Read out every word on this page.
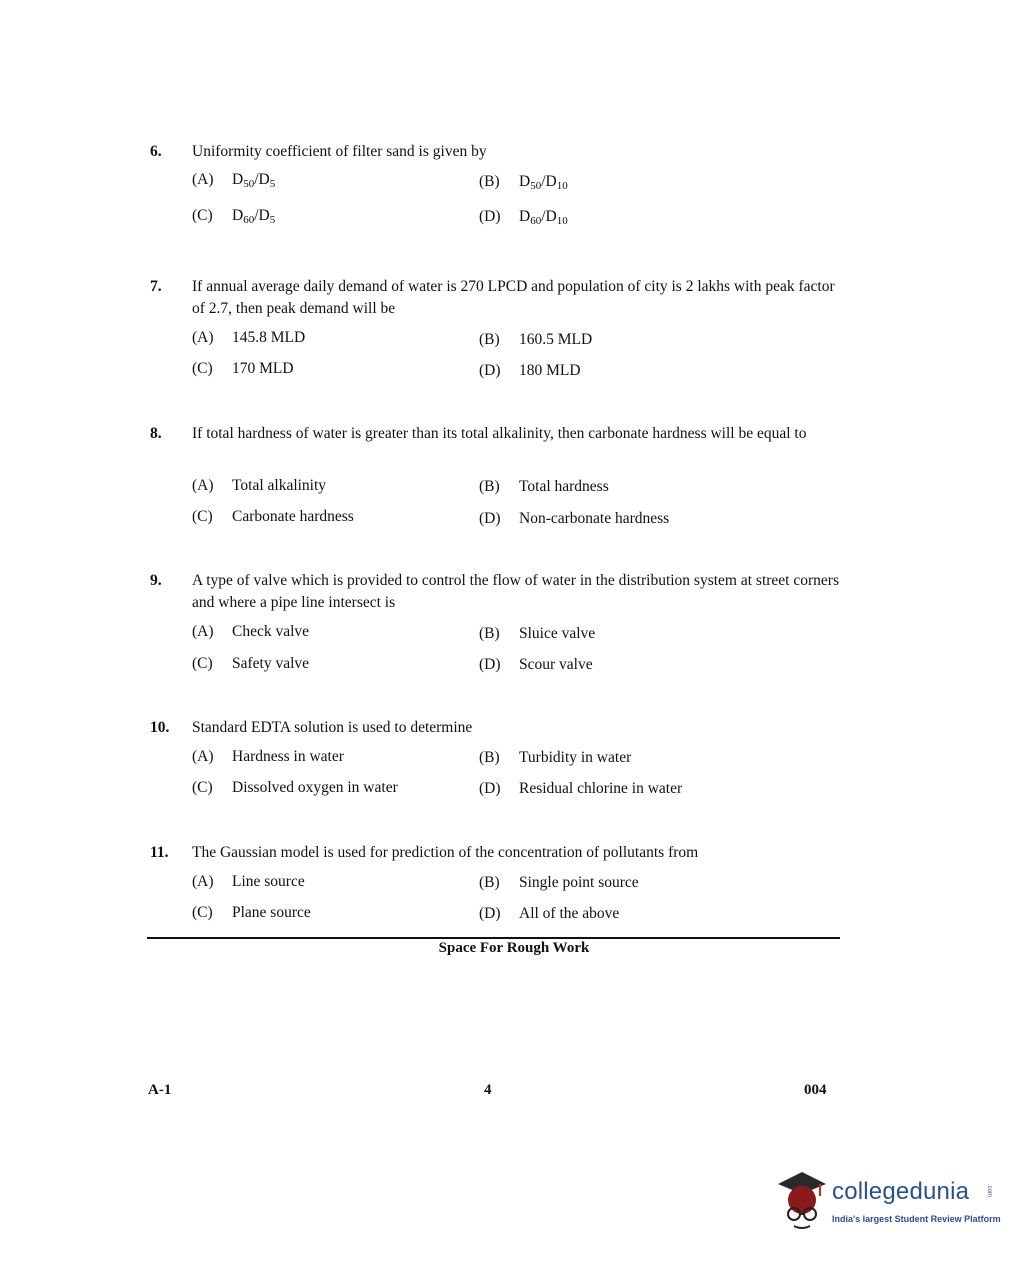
6. Uniformity coefficient of filter sand is given by
(A) $D_{50}/D_5$	(B) $D_{50}/D_{10}$
(C) $D_{60}/D_5$	(D) $D_{60}/D_{10}$
7. If annual average daily demand of water is 270 LPCD and population of city is 2 lakhs with peak factor of 2.7, then peak demand will be
(A) 145.8 MLD	(B) 160.5 MLD
(C) 170 MLD	(D) 180 MLD
8. If total hardness of water is greater than its total alkalinity, then carbonate hardness will be equal to
(A) Total alkalinity	(B) Total hardness
(C) Carbonate hardness	(D) Non-carbonate hardness
9. A type of valve which is provided to control the flow of water in the distribution system at street corners and where a pipe line intersect is
(A) Check valve	(B) Sluice valve
(C) Safety valve	(D) Scour valve
10. Standard EDTA solution is used to determine
(A) Hardness in water	(B) Turbidity in water
(C) Dissolved oxygen in water	(D) Residual chlorine in water
11. The Gaussian model is used for prediction of the concentration of pollutants from
(A) Line source	(B) Single point source
(C) Plane source	(D) All of the above
Space For Rough Work
A-1	4	004
collegedunia	.com
India's largest Student Review Platform
